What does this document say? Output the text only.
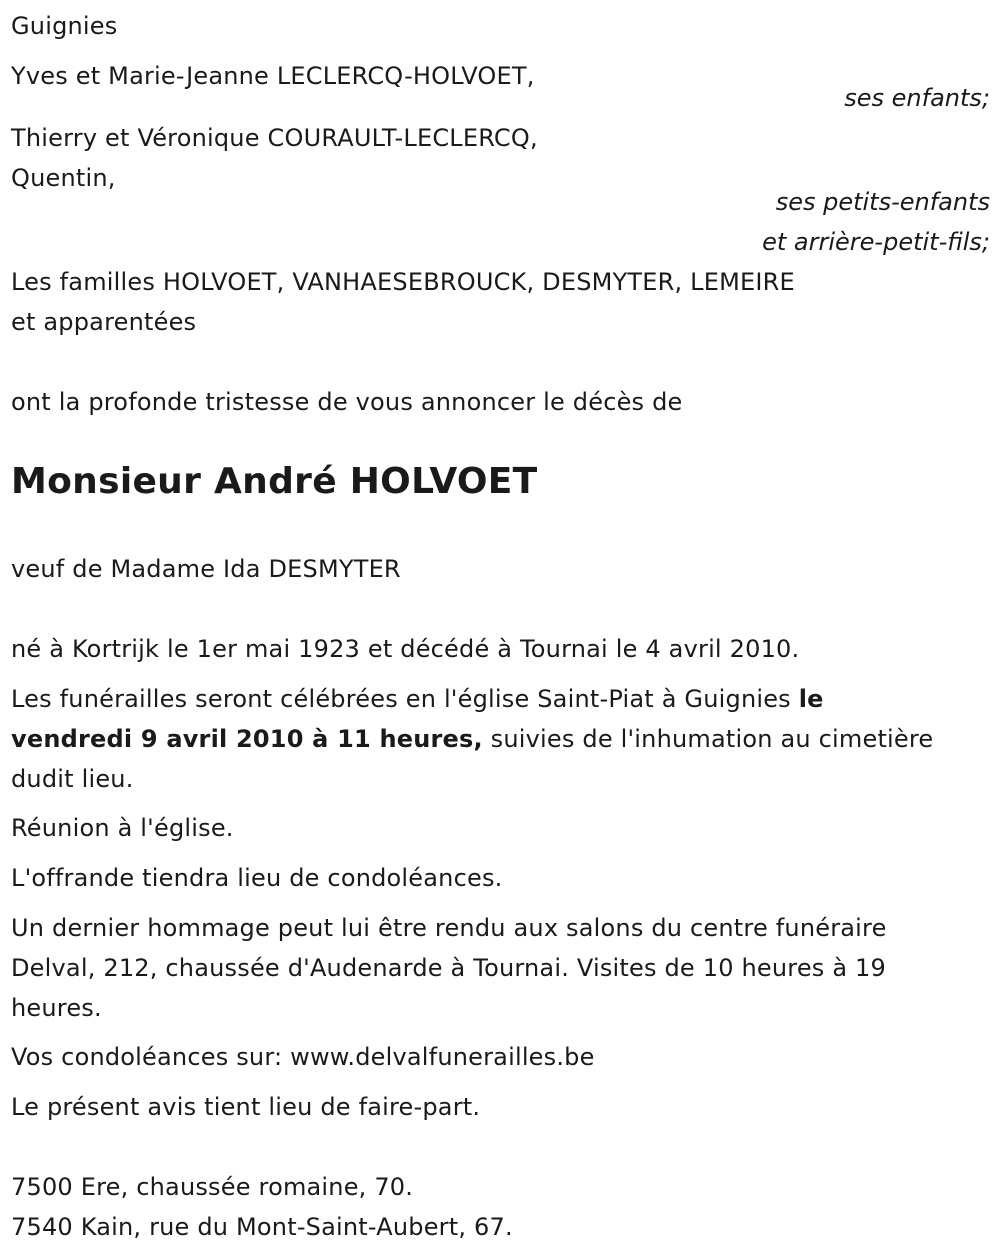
Guignies
Yves et Marie-Jeanne LECLERCQ-HOLVOET,
ses enfants;
Thierry et Véronique COURAULT-LECLERCQ,
Quentin,
ses petits-enfants
et arrière-petit-fils;
Les familles HOLVOET, VANHAESEBROUCK, DESMYTER, LEMEIRE
et apparentées
ont la profonde tristesse de vous annoncer le décès de
Monsieur André HOLVOET
veuf de Madame Ida DESMYTER
né à Kortrijk le 1er mai 1923 et décédé à Tournai le 4 avril 2010.
Les funérailles seront célébrées en l'église Saint-Piat à Guignies le
vendredi 9 avril 2010 à 11 heures, suivies de l'inhumation au cimetière
dudit lieu.
Réunion à l'église.
L'offrande tiendra lieu de condoléances.
Un dernier hommage peut lui être rendu aux salons du centre funéraire
Delval, 212, chaussée d'Audenarde à Tournai. Visites de 10 heures à 19
heures.
Vos condoléances sur: www.delvalfunerailles.be
Le présent avis tient lieu de faire-part.
7500 Ere, chaussée romaine, 70.
7540 Kain, rue du Mont-Saint-Aubert, 67.
